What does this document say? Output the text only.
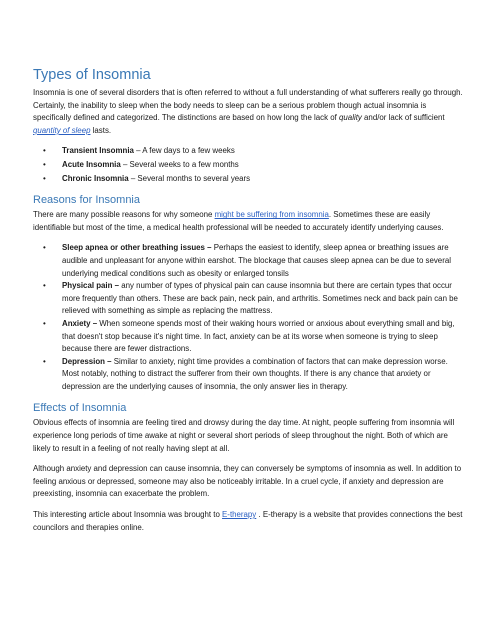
Types of Insomnia

Insomnia is one of several disorders that is often referred to without a full understanding of what sufferers really go through. Certainly, the inability to sleep when the body needs to sleep can be a serious problem though actual insomnia is specifically defined and categorized. The distinctions are based on how long the lack of quality and/or lack of sufficient quantity of sleep lasts.

• Transient Insomnia – A few days to a few weeks
• Acute Insomnia – Several weeks to a few months
• Chronic Insomnia – Several months to several years
Reasons for Insomnia

There are many possible reasons for why someone might be suffering from insomnia. Sometimes these are easily identifiable but most of the time, a medical health professional will be needed to accurately identify underlying causes.

• Sleep apnea or other breathing issues – Perhaps the easiest to identify, sleep apnea or breathing issues are audible and unpleasant for anyone within earshot. The blockage that causes sleep apnea can be due to several underlying medical conditions such as obesity or enlarged tonsils
• Physical pain – any number of types of physical pain can cause insomnia but there are certain types that occur more frequently than others. These are back pain, neck pain, and arthritis. Sometimes neck and back pain can be relieved with something as simple as replacing the mattress.
• Anxiety – When someone spends most of their waking hours worried or anxious about everything small and big, that doesn't stop because it's night time. In fact, anxiety can be at its worse when someone is trying to sleep because there are fewer distractions.
• Depression – Similar to anxiety, night time provides a combination of factors that can make depression worse. Most notably, nothing to distract the sufferer from their own thoughts. If there is any chance that anxiety or depression are the underlying causes of insomnia, the only answer lies in therapy.
Effects of Insomnia

Obvious effects of insomnia are feeling tired and drowsy during the day time. At night, people suffering from insomnia will experience long periods of time awake at night or several short periods of sleep throughout the night. Both of which are likely to result in a feeling of not really having slept at all.

Although anxiety and depression can cause insomnia, they can conversely be symptoms of insomnia as well. In addition to feeling anxious or depressed, someone may also be noticeably irritable. In a cruel cycle, if anxiety and depression are preexisting, insomnia can exacerbate the problem.

This interesting article about Insomnia was brought to E-therapy . E-therapy is a website that provides connections the best councilors and therapies online.
